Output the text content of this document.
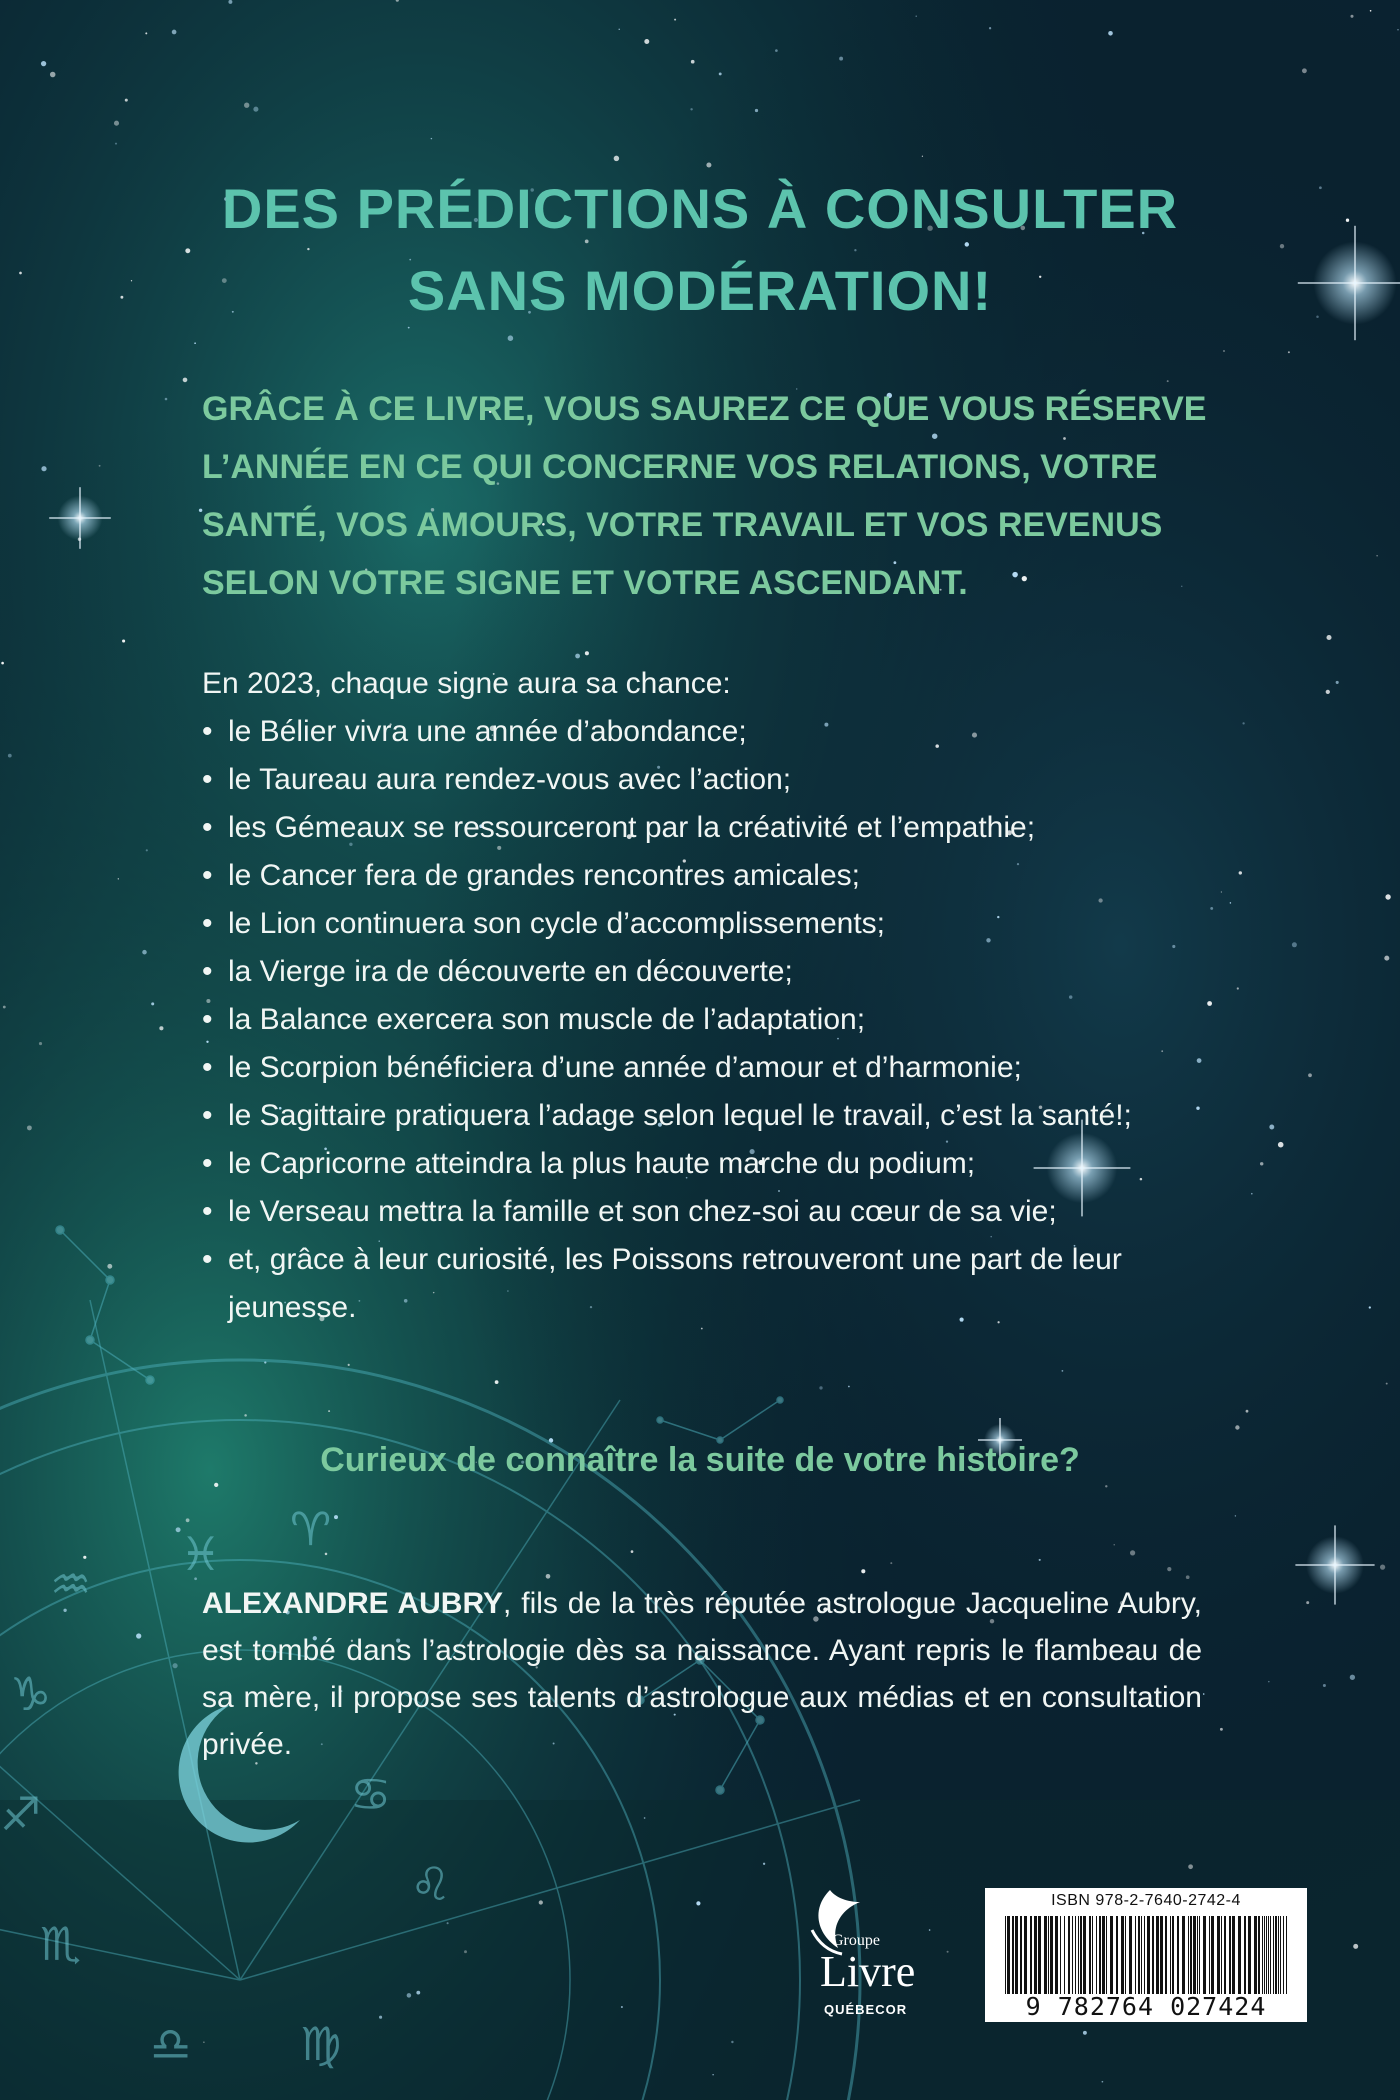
♓ ♈
♒
♑
♐
♏
♎
♋
♌
♍
DES PRÉDICTIONS À CONSULTER
SANS MODÉRATION!

GRÂCE À CE LIVRE, VOUS SAUREZ CE QUE VOUS RÉSERVE L’ANNÉE EN CE QUI CONCERNE VOS RELATIONS, VOTRE SANTÉ, VOS AMOURS, VOTRE TRAVAIL ET VOS REVENUS SELON VOTRE SIGNE ET VOTRE ASCENDANT.

En 2023, chaque signe aura sa chance:
• le Bélier vivra une année d’abondance;
• le Taureau aura rendez-vous avec l’action;
• les Gémeaux se ressourceront par la créativité et l’empathie;
• le Cancer fera de grandes rencontres amicales;
• le Lion continuera son cycle d’accomplissements;
• la Vierge ira de découverte en découverte;
• la Balance exercera son muscle de l’adaptation;
• le Scorpion bénéficiera d’une année d’amour et d’harmonie;
• le Sagittaire pratiquera l’adage selon lequel le travail, c’est la santé!;
• le Capricorne atteindra la plus haute marche du podium;
• le Verseau mettra la famille et son chez-soi au cœur de sa vie;
• et, grâce à leur curiosité, les Poissons retrouveront une part de leur jeunesse.

Curieux de connaître la suite de votre histoire?

ALEXANDRE AUBRY, fils de la très réputée astrologue Jacqueline Aubry, est tombé dans l’astrologie dès sa naissance. Ayant repris le flambeau de sa mère, il propose ses talents d’astrologue aux médias et en consultation privée.

Groupe
Livre
QUÉBECOR
ISBN 978-2-7640-2742-4
9 782764 027424
